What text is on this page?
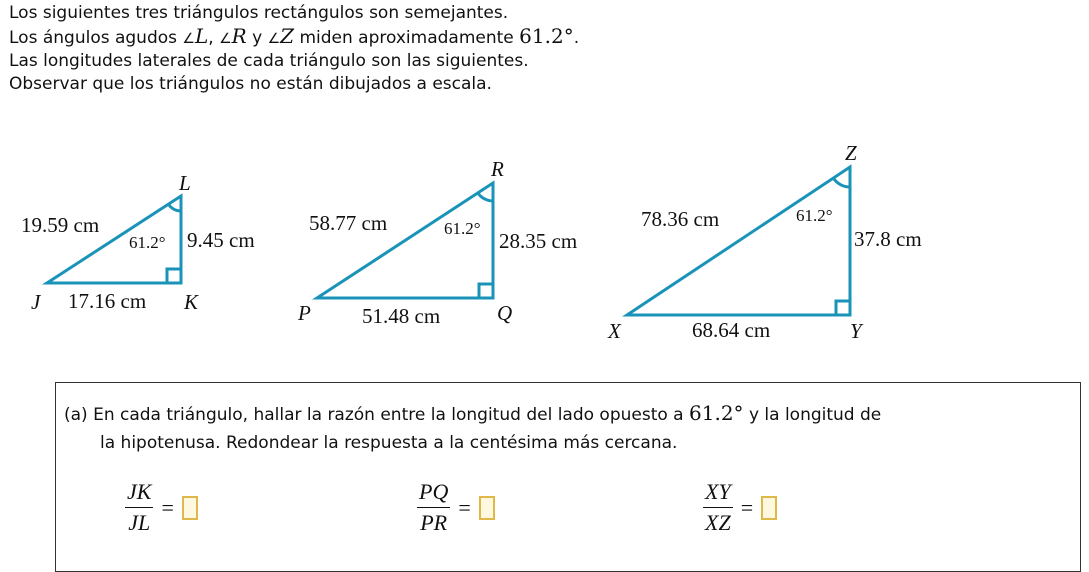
Los siguientes tres triángulos rectángulos son semejantes.

Los ángulos agudos ∠L, ∠R y ∠Z miden aproximadamente 61.2°.

Las longitudes laterales de cada triángulo son las siguientes.

Observar que los triángulos no están dibujados a escala.

L
J	K
19.59 cm
9.45 cm
17.16 cm
61.2°
R
P	Q
58.77 cm
28.35 cm
51.48 cm
61.2°
Z
X	Y
78.36 cm
37.8 cm
68.64 cm
61.2°
(a) En cada triángulo, hallar la razón entre la longitud del lado opuesto a 61.2° y la longitud de
la hipotenusa. Redondear la respuesta a la centésima más cercana.
$\frac{JK}{JL}$ =	$\frac{PQ}{PR}$ =	$\frac{XY}{XZ}$ =
